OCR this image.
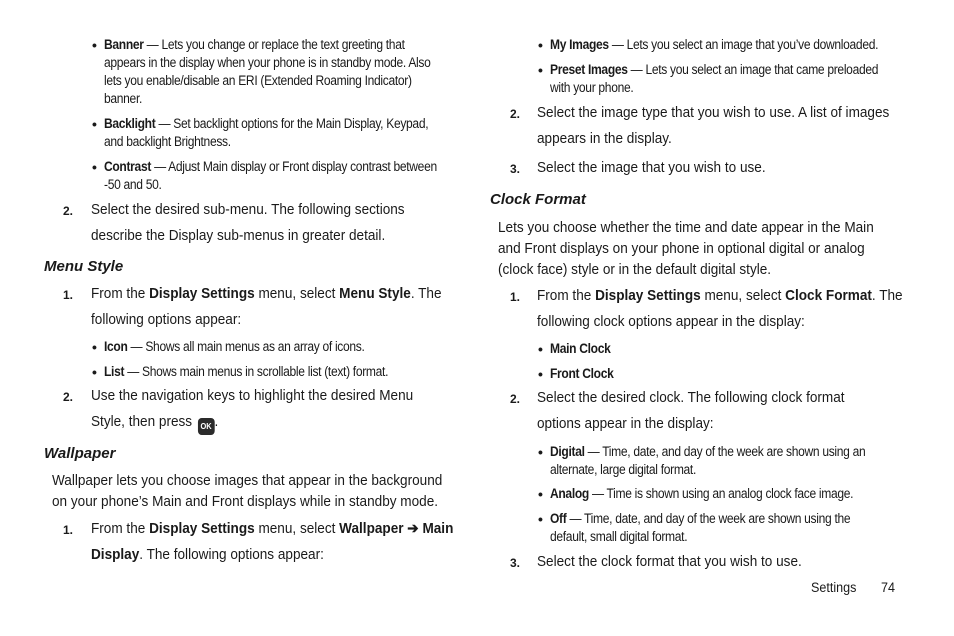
• Banner — Lets you change or replace the text greeting that
appears in the display when your phone is in standby mode. Also
lets you enable/disable an ERI (Extended Roaming Indicator)
banner.
• Backlight — Set backlight options for the Main Display, Keypad,
and backlight Brightness.
• Contrast — Adjust Main display or Front display contrast between
-50 and 50.
2. Select the desired sub-menu. The following sections
describe the Display sub-menus in greater detail.
Menu Style
1. From the Display Settings menu, select Menu Style. The
following options appear:
• Icon — Shows all main menus as an array of icons.
• List — Shows main menus in scrollable list (text) format.
2. Use the navigation keys to highlight the desired Menu
Style, then press OK .
Wallpaper
Wallpaper lets you choose images that appear in the background
on your phone’s Main and Front displays while in standby mode.
1. From the Display Settings menu, select Wallpaper ➔ Main
Display. The following options appear:
• My Images — Lets you select an image that you’ve downloaded.
• Preset Images — Lets you select an image that came preloaded
with your phone.
2. Select the image type that you wish to use. A list of images
appears in the display.
3. Select the image that you wish to use.
Clock Format
Lets you choose whether the time and date appear in the Main
and Front displays on your phone in optional digital or analog
(clock face) style or in the default digital style.
1. From the Display Settings menu, select Clock Format. The
following clock options appear in the display:
• Main Clock
• Front Clock
2. Select the desired clock. The following clock format
options appear in the display:
• Digital — Time, date, and day of the week are shown using an
alternate, large digital format.
• Analog — Time is shown using an analog clock face image.
• Off — Time, date, and day of the week are shown using the
default, small digital format.
3. Select the clock format that you wish to use.
Settings 74
